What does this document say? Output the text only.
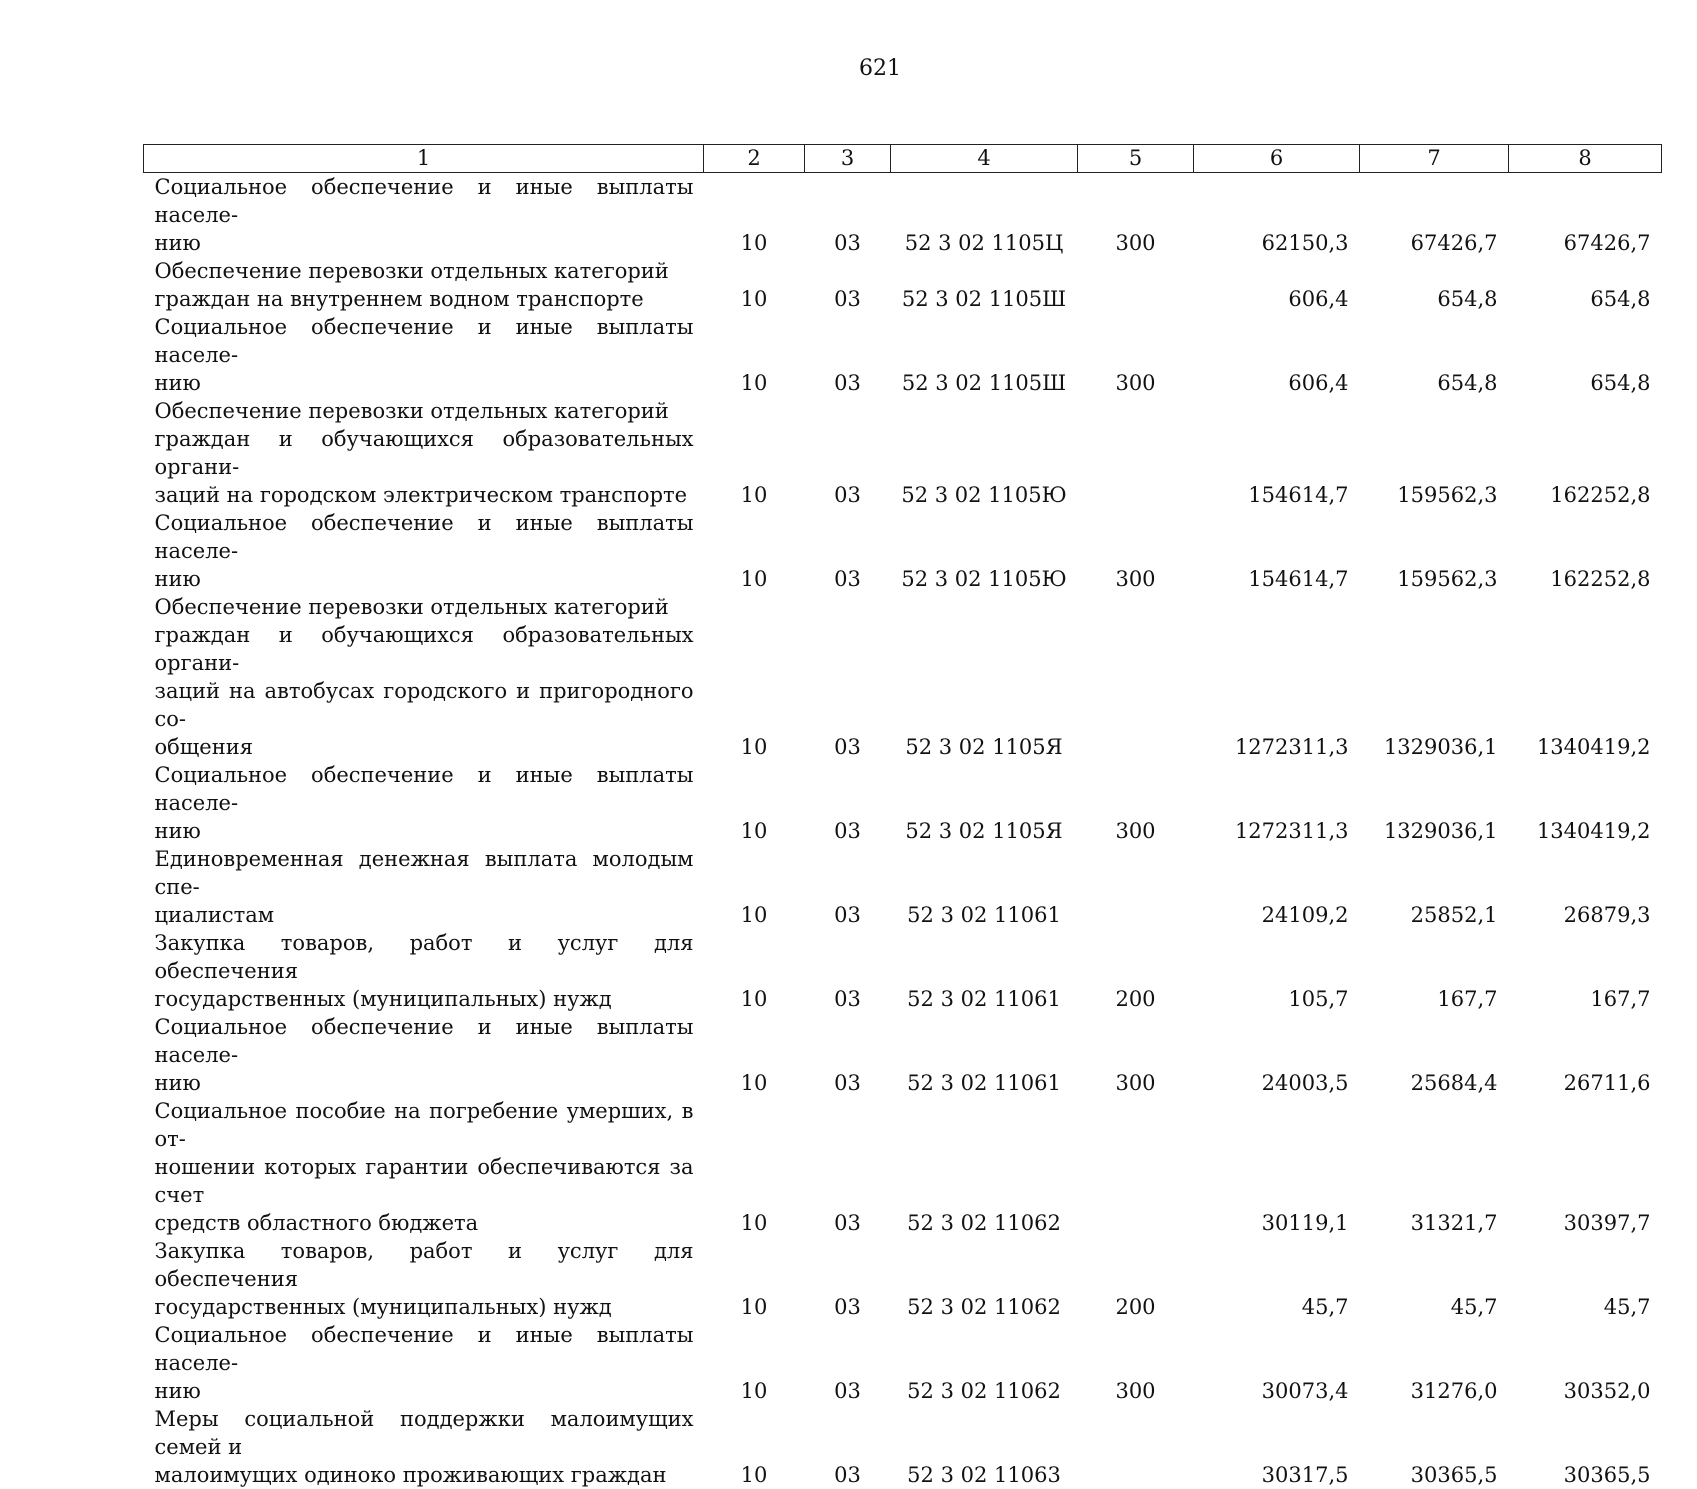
621
1	2	3	4	5	6	7	8
Социальное обеспечение и иные выплаты населе-
нию	10	03	52 3 02 1105Ц	300	62150,3	67426,7	67426,7
Обеспечение перевозки отдельных категорий
граждан на внутреннем водном транспорте	10	03	52 3 02 1105Ш		606,4	654,8	654,8
Социальное обеспечение и иные выплаты населе-
нию	10	03	52 3 02 1105Ш	300	606,4	654,8	654,8
Обеспечение перевозки отдельных категорий
граждан и обучающихся образовательных органи-
заций на городском электрическом транспорте	10	03	52 3 02 1105Ю		154614,7	159562,3	162252,8
Социальное обеспечение и иные выплаты населе-
нию	10	03	52 3 02 1105Ю	300	154614,7	159562,3	162252,8
Обеспечение перевозки отдельных категорий
граждан и обучающихся образовательных органи-
заций на автобусах городского и пригородного со-
общения	10	03	52 3 02 1105Я		1272311,3	1329036,1	1340419,2
Социальное обеспечение и иные выплаты населе-
нию	10	03	52 3 02 1105Я	300	1272311,3	1329036,1	1340419,2
Единовременная денежная выплата молодым спе-
циалистам	10	03	52 3 02 11061		24109,2	25852,1	26879,3
Закупка товаров, работ и услуг для обеспечения
государственных (муниципальных) нужд	10	03	52 3 02 11061	200	105,7	167,7	167,7
Социальное обеспечение и иные выплаты населе-
нию	10	03	52 3 02 11061	300	24003,5	25684,4	26711,6
Социальное пособие на погребение умерших, в от-
ношении которых гарантии обеспечиваются за счет
средств областного бюджета	10	03	52 3 02 11062		30119,1	31321,7	30397,7
Закупка товаров, работ и услуг для обеспечения
государственных (муниципальных) нужд	10	03	52 3 02 11062	200	45,7	45,7	45,7
Социальное обеспечение и иные выплаты населе-
нию	10	03	52 3 02 11062	300	30073,4	31276,0	30352,0
Меры социальной поддержки малоимущих семей и
малоимущих одиноко проживающих граждан	10	03	52 3 02 11063		30317,5	30365,5	30365,5
